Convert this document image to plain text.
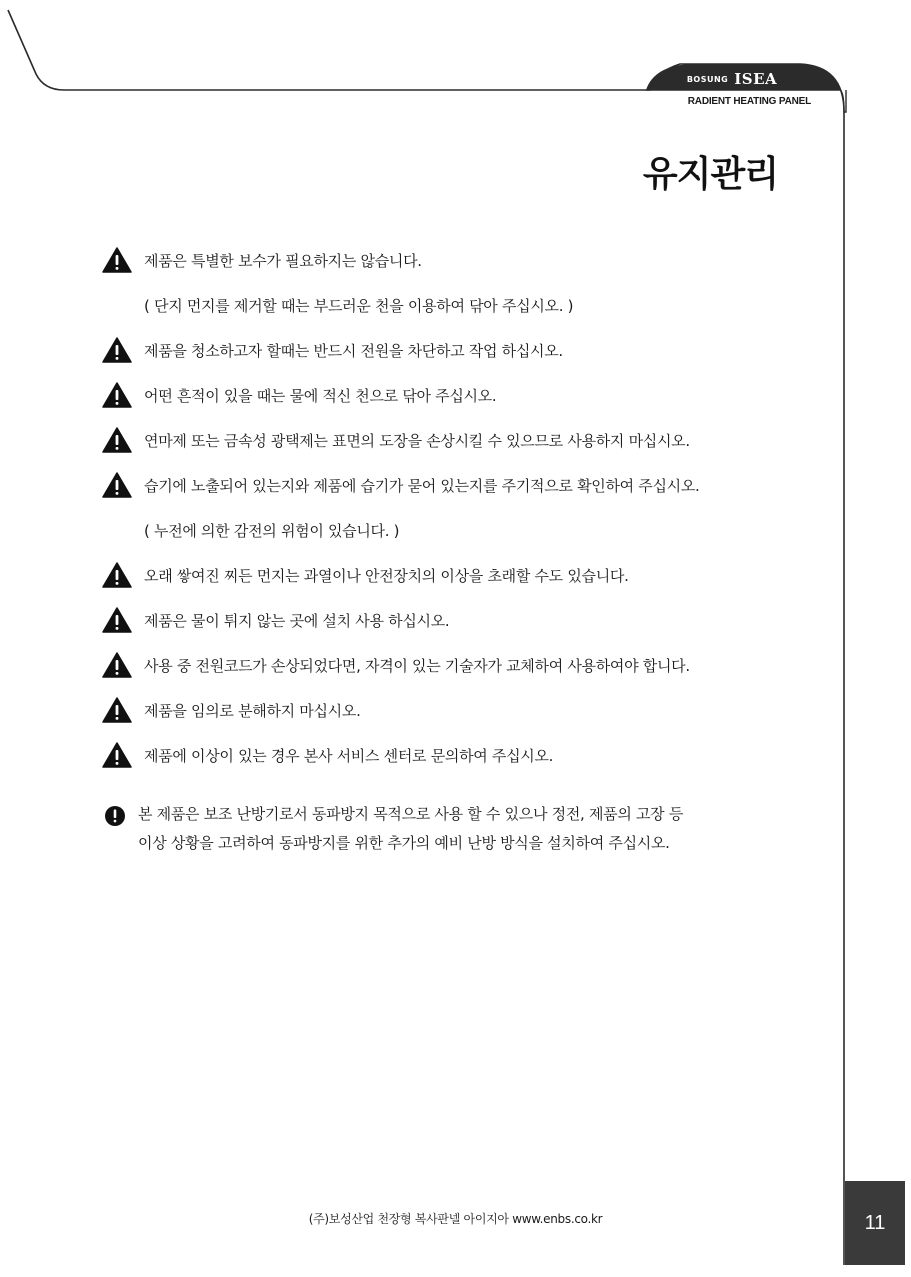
BOSUNG ISEA
RADIENT HEATING PANEL
유지관리
제품은 특별한 보수가 필요하지는 않습니다.
( 단지 먼지를 제거할 때는 부드러운 천을 이용하여 닦아 주십시오. )
제품을 청소하고자 할때는 반드시 전원을 차단하고 작업 하십시오.
어떤 흔적이 있을 때는 물에 적신 천으로 닦아 주십시오.
연마제 또는 금속성 광택제는 표면의 도장을 손상시킬 수 있으므로 사용하지 마십시오.
습기에 노출되어 있는지와 제품에 습기가 묻어 있는지를 주기적으로 확인하여 주십시오.
( 누전에 의한 감전의 위험이 있습니다. )
오래 쌓여진 찌든 먼지는 과열이나 안전장치의 이상을 초래할 수도 있습니다.
제품은 물이 튀지 않는 곳에 설치 사용 하십시오.
사용 중 전원코드가 손상되었다면, 자격이 있는 기술자가 교체하여 사용하여야 합니다.
제품을 임의로 분해하지 마십시오.
제품에 이상이 있는 경우 본사 서비스 센터로 문의하여 주십시오.
본 제품은 보조 난방기로서 동파방지 목적으로 사용 할 수 있으나 정전, 제품의 고장 등
이상 상황을 고려하여 동파방지를 위한 추가의 예비 난방 방식을 설치하여 주십시오.
(주)보성산업 천장형 복사판넬 아이지아 www.enbs.co.kr	11
